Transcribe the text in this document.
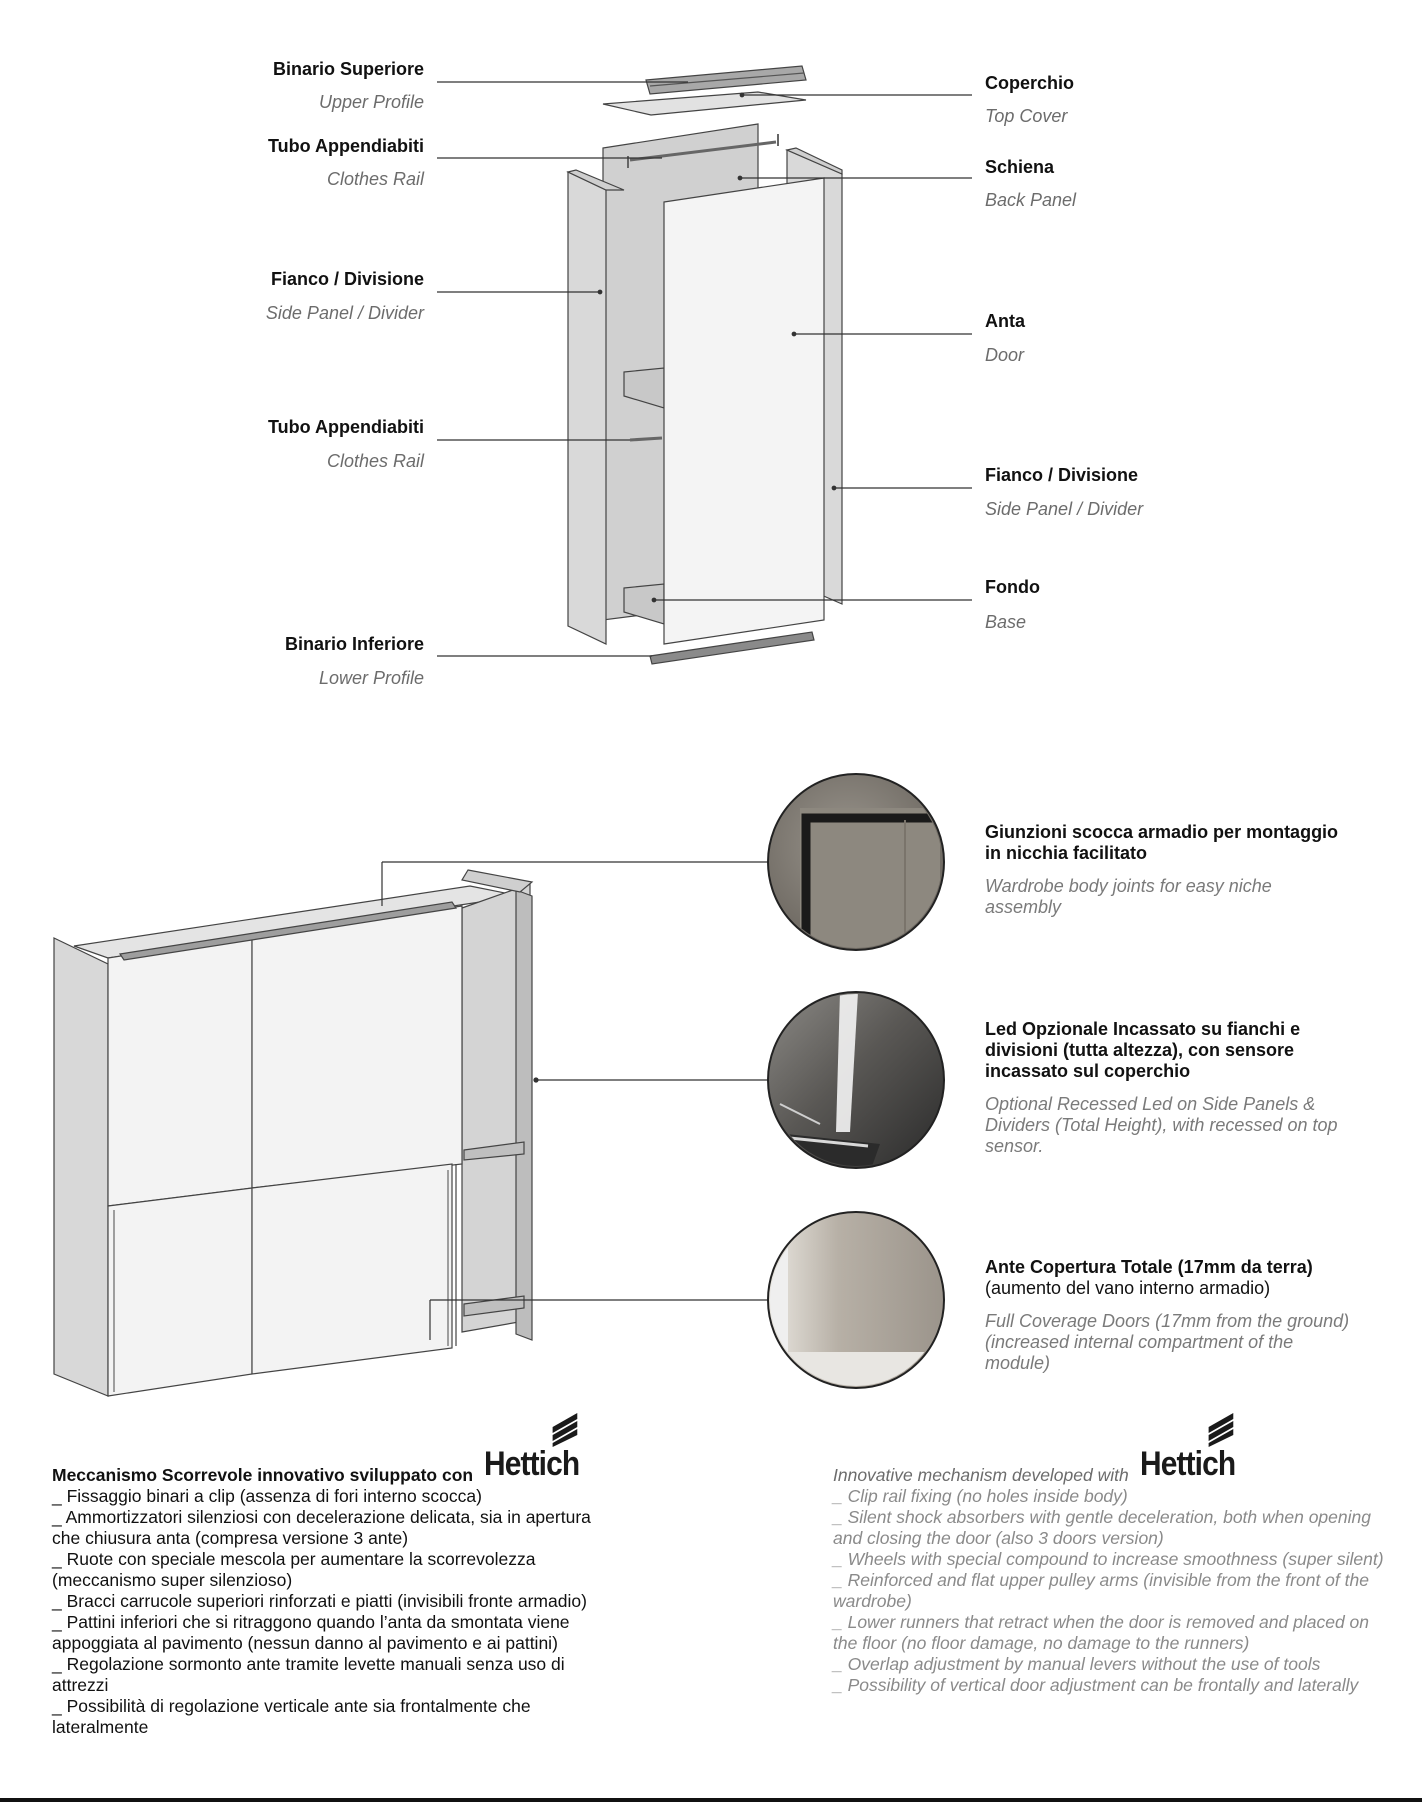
Binario Superiore
Upper Profile
Tubo Appendiabiti
Clothes Rail
Fianco / Divisione
Side Panel / Divider
Tubo Appendiabiti
Clothes Rail
Binario Inferiore
Lower Profile
Coperchio
Top Cover
Schiena
Back Panel
Anta
Door
Fianco / Divisione
Side Panel / Divider
Fondo
Base
Giunzioni scocca armadio per montaggio
in nicchia facilitato
Wardrobe body joints for easy niche
assembly
Led Opzionale Incassato su fianchi e
divisioni (tutta altezza), con sensore
incassato sul coperchio
Optional Recessed Led on Side Panels &
Dividers (Total Height), with recessed on top
sensor.
Ante Copertura Totale (17mm da terra)
(aumento del vano interno armadio)
Full Coverage Doors (17mm from the ground)
(increased internal compartment of the
module)
Meccanismo Scorrevole innovativo sviluppato con Hettich
_ Fissaggio binari a clip (assenza di fori interno scocca)
_ Ammortizzatori silenziosi con decelerazione delicata, sia in apertura
che chiusura anta (compresa versione 3 ante)
_ Ruote con speciale mescola per aumentare la scorrevolezza
(meccanismo super silenzioso)
_ Bracci carrucole superiori rinforzati e piatti (invisibili fronte armadio)
_ Pattini inferiori che si ritraggono quando l’anta da smontata viene
appoggiata al pavimento (nessun danno al pavimento e ai pattini)
_ Regolazione sormonto ante tramite levette manuali senza uso di
attrezzi
_ Possibilità di regolazione verticale ante sia frontalmente che
lateralmente
Innovative mechanism developed with Hettich
_ Clip rail fixing (no holes inside body)
_ Silent shock absorbers with gentle deceleration, both when opening
and closing the door (also 3 doors version)
_ Wheels with special compound to increase smoothness (super silent)
_ Reinforced and flat upper pulley arms (invisible from the front of the
wardrobe)
_ Lower runners that retract when the door is removed and placed on
the floor (no floor damage, no damage to the runners)
_ Overlap adjustment by manual levers without the use of tools
_ Possibility of vertical door adjustment can be frontally and laterally
